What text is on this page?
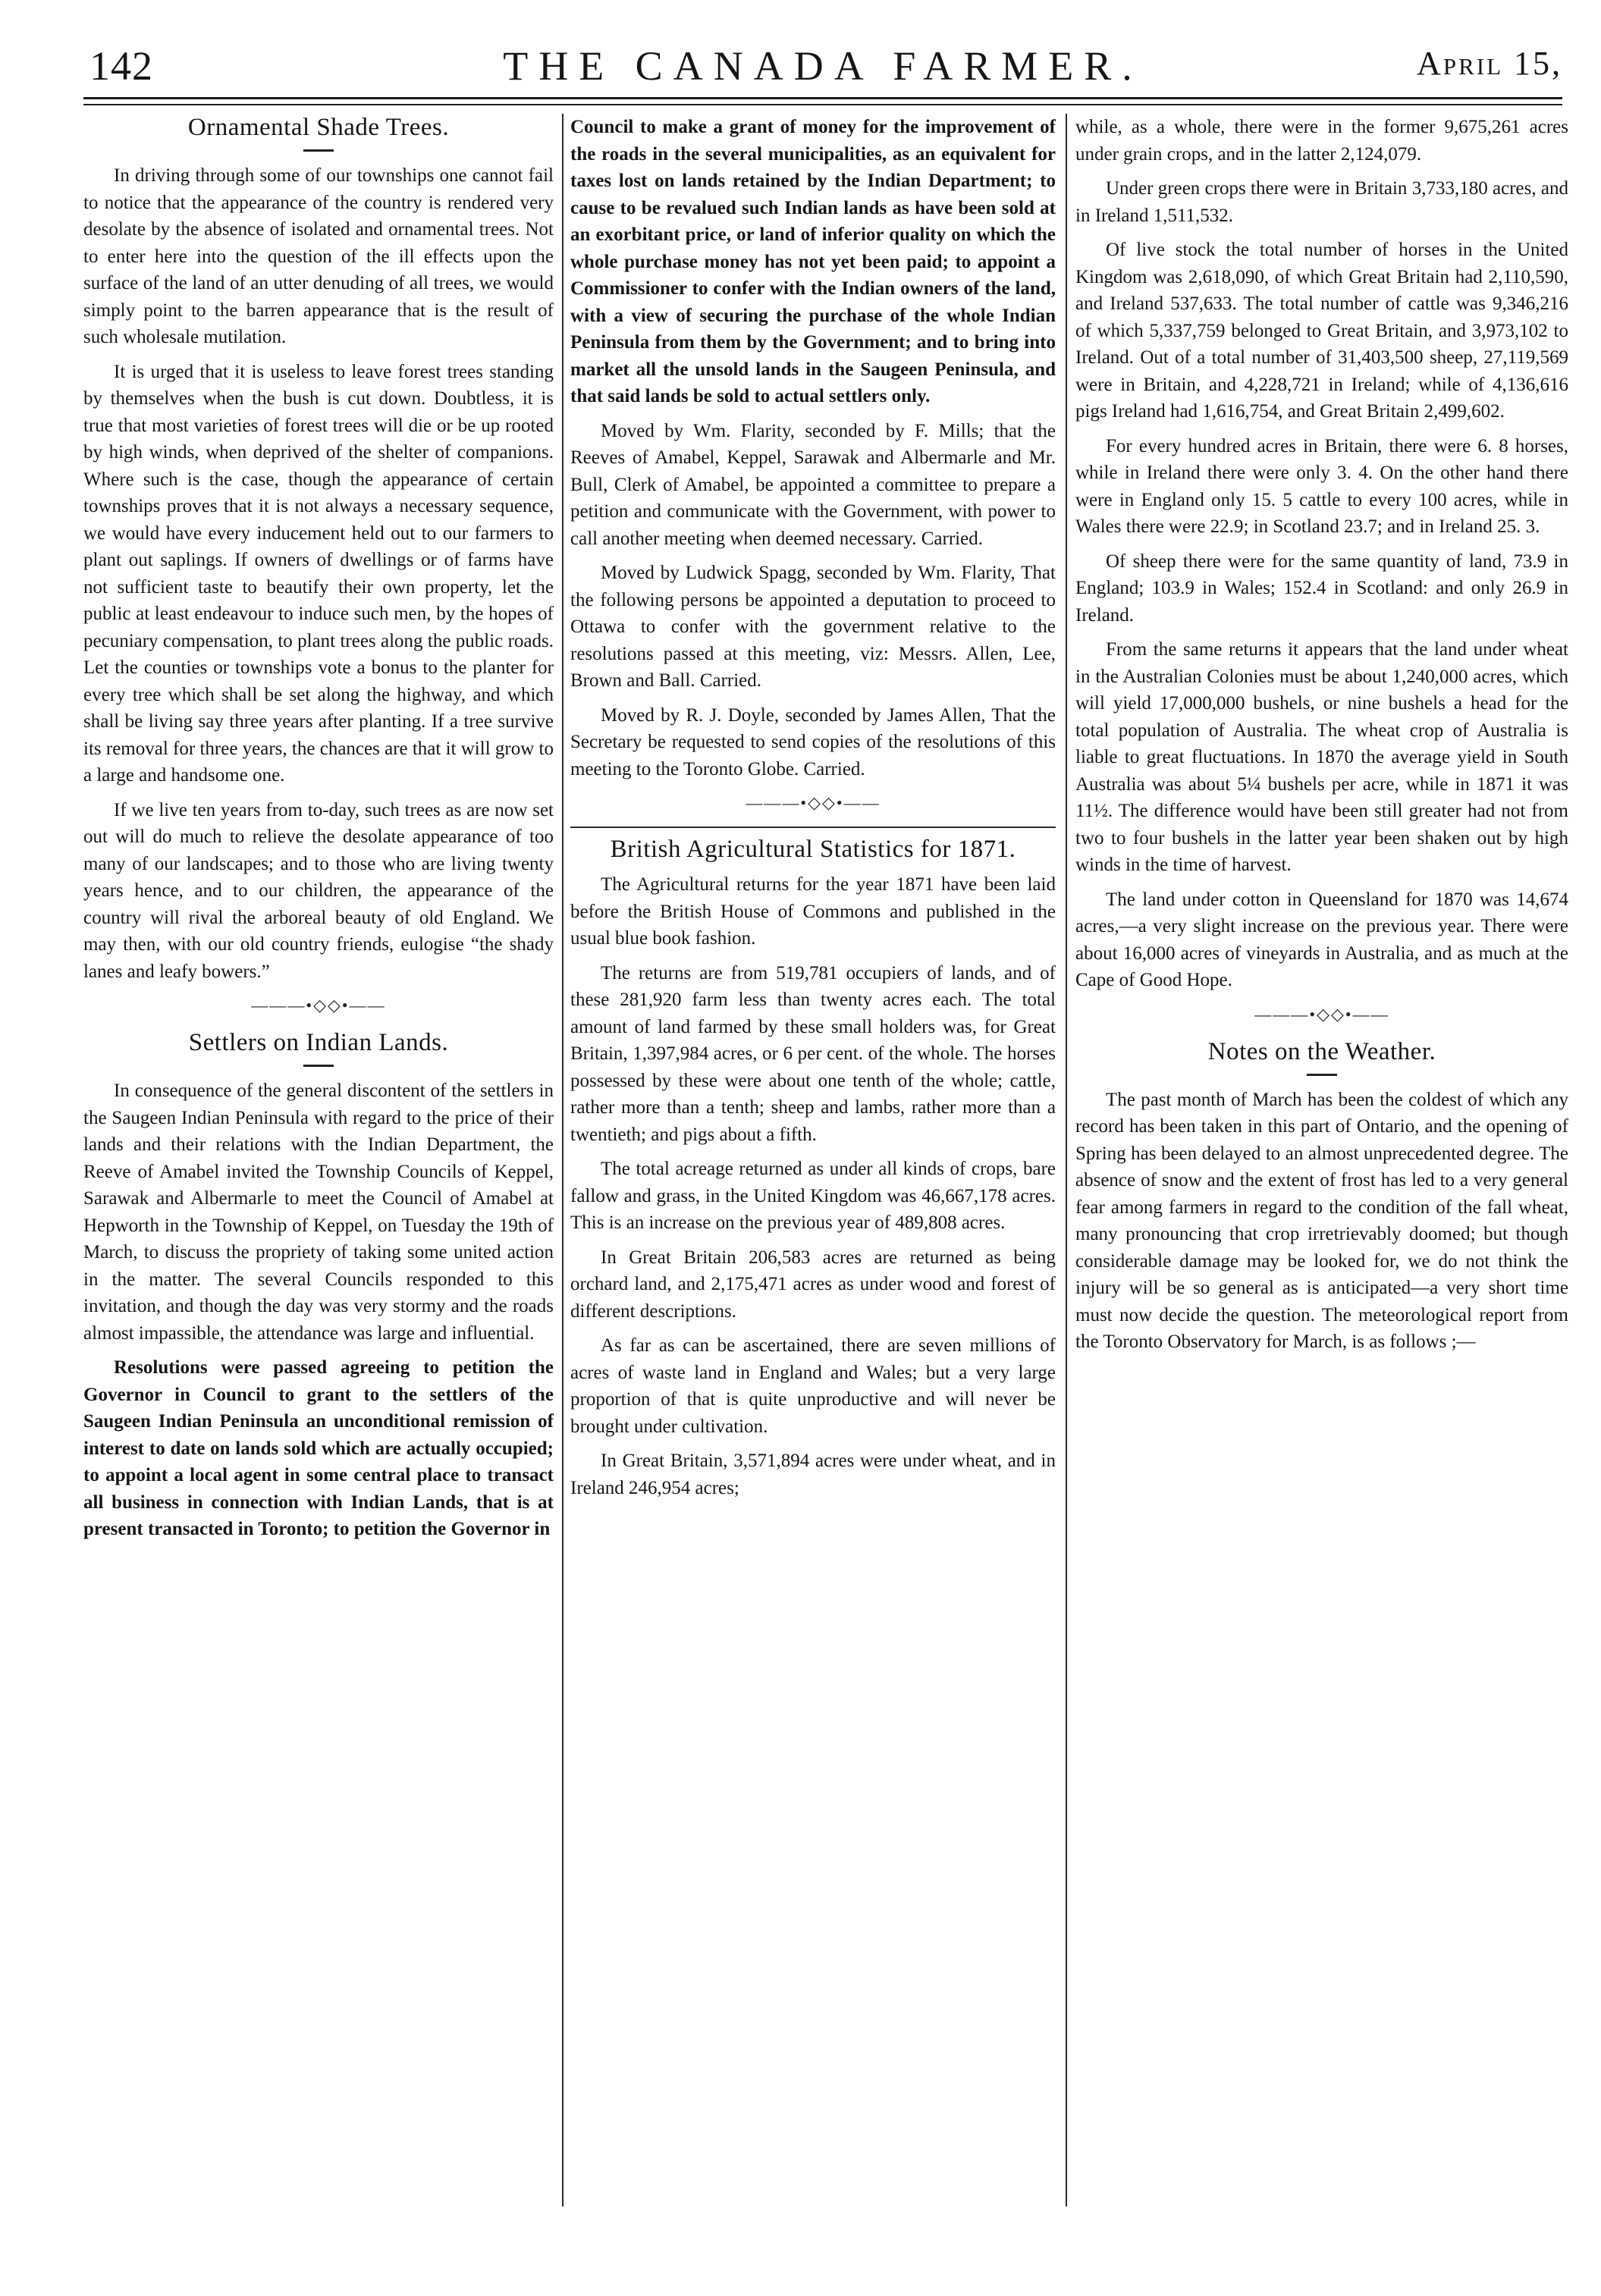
142	THE CANADA FARMER.	April 15,
Ornamental Shade Trees.

In driving through some of our townships one cannot fail to notice that the appearance of the country is rendered very desolate by the absence of isolated and ornamental trees. Not to enter here into the question of the ill effects upon the surface of the land of an utter denuding of all trees, we would simply point to the barren appearance that is the result of such wholesale mutilation.

It is urged that it is useless to leave forest trees standing by themselves when the bush is cut down. Doubtless, it is true that most varieties of forest trees will die or be up rooted by high winds, when deprived of the shelter of companions. Where such is the case, though the appearance of certain townships proves that it is not always a necessary sequence, we would have every inducement held out to our farmers to plant out saplings. If owners of dwellings or of farms have not sufficient taste to beautify their own property, let the public at least endeavour to induce such men, by the hopes of pecuniary compensation, to plant trees along the public roads. Let the counties or townships vote a bonus to the planter for every tree which shall be set along the highway, and which shall be living say three years after planting. If a tree survive its removal for three years, the chances are that it will grow to a large and handsome one.

If we live ten years from to-day, such trees as are now set out will do much to relieve the desolate appearance of too many of our landscapes; and to those who are living twenty years hence, and to our children, the appearance of the country will rival the arboreal beauty of old England. We may then, with our old country friends, eulogise “the shady lanes and leafy bowers.”

———•◇◇•——
Settlers on Indian Lands.

In consequence of the general discontent of the settlers in the Saugeen Indian Peninsula with regard to the price of their lands and their relations with the Indian Department, the Reeve of Amabel invited the Township Councils of Keppel, Sarawak and Albermarle to meet the Council of Amabel at Hepworth in the Township of Keppel, on Tuesday the 19th of March, to discuss the propriety of taking some united action in the matter. The several Councils responded to this invitation, and though the day was very stormy and the roads almost impassible, the attendance was large and influential.

Resolutions were passed agreeing to petition the Governor in Council to grant to the settlers of the Saugeen Indian Peninsula an unconditional remission of interest to date on lands sold which are actually occupied; to appoint a local agent in some central place to transact all business in connection with Indian Lands, that is at present transacted in Toronto; to petition the Governor in

Council to make a grant of money for the improvement of the roads in the several municipalities, as an equivalent for taxes lost on lands retained by the Indian Department; to cause to be revalued such Indian lands as have been sold at an exorbitant price, or land of inferior quality on which the whole purchase money has not yet been paid; to appoint a Commissioner to confer with the Indian owners of the land, with a view of securing the purchase of the whole Indian Peninsula from them by the Government; and to bring into market all the unsold lands in the Saugeen Peninsula, and that said lands be sold to actual settlers only.

Moved by Wm. Flarity, seconded by F. Mills; that the Reeves of Amabel, Keppel, Sarawak and Albermarle and Mr. Bull, Clerk of Amabel, be appointed a committee to prepare a petition and communicate with the Government, with power to call another meeting when deemed necessary. Carried.

Moved by Ludwick Spagg, seconded by Wm. Flarity, That the following persons be appointed a deputation to proceed to Ottawa to confer with the government relative to the resolutions passed at this meeting, viz: Messrs. Allen, Lee, Brown and Ball. Carried.

Moved by R. J. Doyle, seconded by James Allen, That the Secretary be requested to send copies of the resolutions of this meeting to the Toronto Globe. Carried.

———•◇◇•——
British Agricultural Statistics for 1871.

The Agricultural returns for the year 1871 have been laid before the British House of Commons and published in the usual blue book fashion.

The returns are from 519,781 occupiers of lands, and of these 281,920 farm less than twenty acres each. The total amount of land farmed by these small holders was, for Great Britain, 1,397,984 acres, or 6 per cent. of the whole. The horses possessed by these were about one tenth of the whole; cattle, rather more than a tenth; sheep and lambs, rather more than a twentieth; and pigs about a fifth.

The total acreage returned as under all kinds of crops, bare fallow and grass, in the United Kingdom was 46,667,178 acres. This is an increase on the previous year of 489,808 acres.

In Great Britain 206,583 acres are returned as being orchard land, and 2,175,471 acres as under wood and forest of different descriptions.

As far as can be ascertained, there are seven millions of acres of waste land in England and Wales; but a very large proportion of that is quite unproductive and will never be brought under cultivation.

In Great Britain, 3,571,894 acres were under wheat, and in Ireland 246,954 acres;

while, as a whole, there were in the former 9,675,261 acres under grain crops, and in the latter 2,124,079.

Under green crops there were in Britain 3,733,180 acres, and in Ireland 1,511,532.

Of live stock the total number of horses in the United Kingdom was 2,618,090, of which Great Britain had 2,110,590, and Ireland 537,633. The total number of cattle was 9,346,216 of which 5,337,759 belonged to Great Britain, and 3,973,102 to Ireland. Out of a total number of 31,403,500 sheep, 27,119,569 were in Britain, and 4,228,721 in Ireland; while of 4,136,616 pigs Ireland had 1,616,754, and Great Britain 2,499,602.

For every hundred acres in Britain, there were 6. 8 horses, while in Ireland there were only 3. 4. On the other hand there were in England only 15. 5 cattle to every 100 acres, while in Wales there were 22.9; in Scotland 23.7; and in Ireland 25. 3.

Of sheep there were for the same quantity of land, 73.9 in England; 103.9 in Wales; 152.4 in Scotland: and only 26.9 in Ireland.

From the same returns it appears that the land under wheat in the Australian Colonies must be about 1,240,000 acres, which will yield 17,000,000 bushels, or nine bushels a head for the total population of Australia. The wheat crop of Australia is liable to great fluctuations. In 1870 the average yield in South Australia was about 5¼ bushels per acre, while in 1871 it was 11½. The difference would have been still greater had not from two to four bushels in the latter year been shaken out by high winds in the time of harvest.

The land under cotton in Queensland for 1870 was 14,674 acres,—a very slight increase on the previous year. There were about 16,000 acres of vineyards in Australia, and as much at the Cape of Good Hope.

———•◇◇•——
Notes on the Weather.

The past month of March has been the coldest of which any record has been taken in this part of Ontario, and the opening of Spring has been delayed to an almost unprecedented degree. The absence of snow and the extent of frost has led to a very general fear among farmers in regard to the condition of the fall wheat, many pronouncing that crop irretrievably doomed; but though considerable damage may be looked for, we do not think the injury will be so general as is anticipated—a very short time must now decide the question. The meteorological report from the Toronto Observatory for March, is as follows ;—
